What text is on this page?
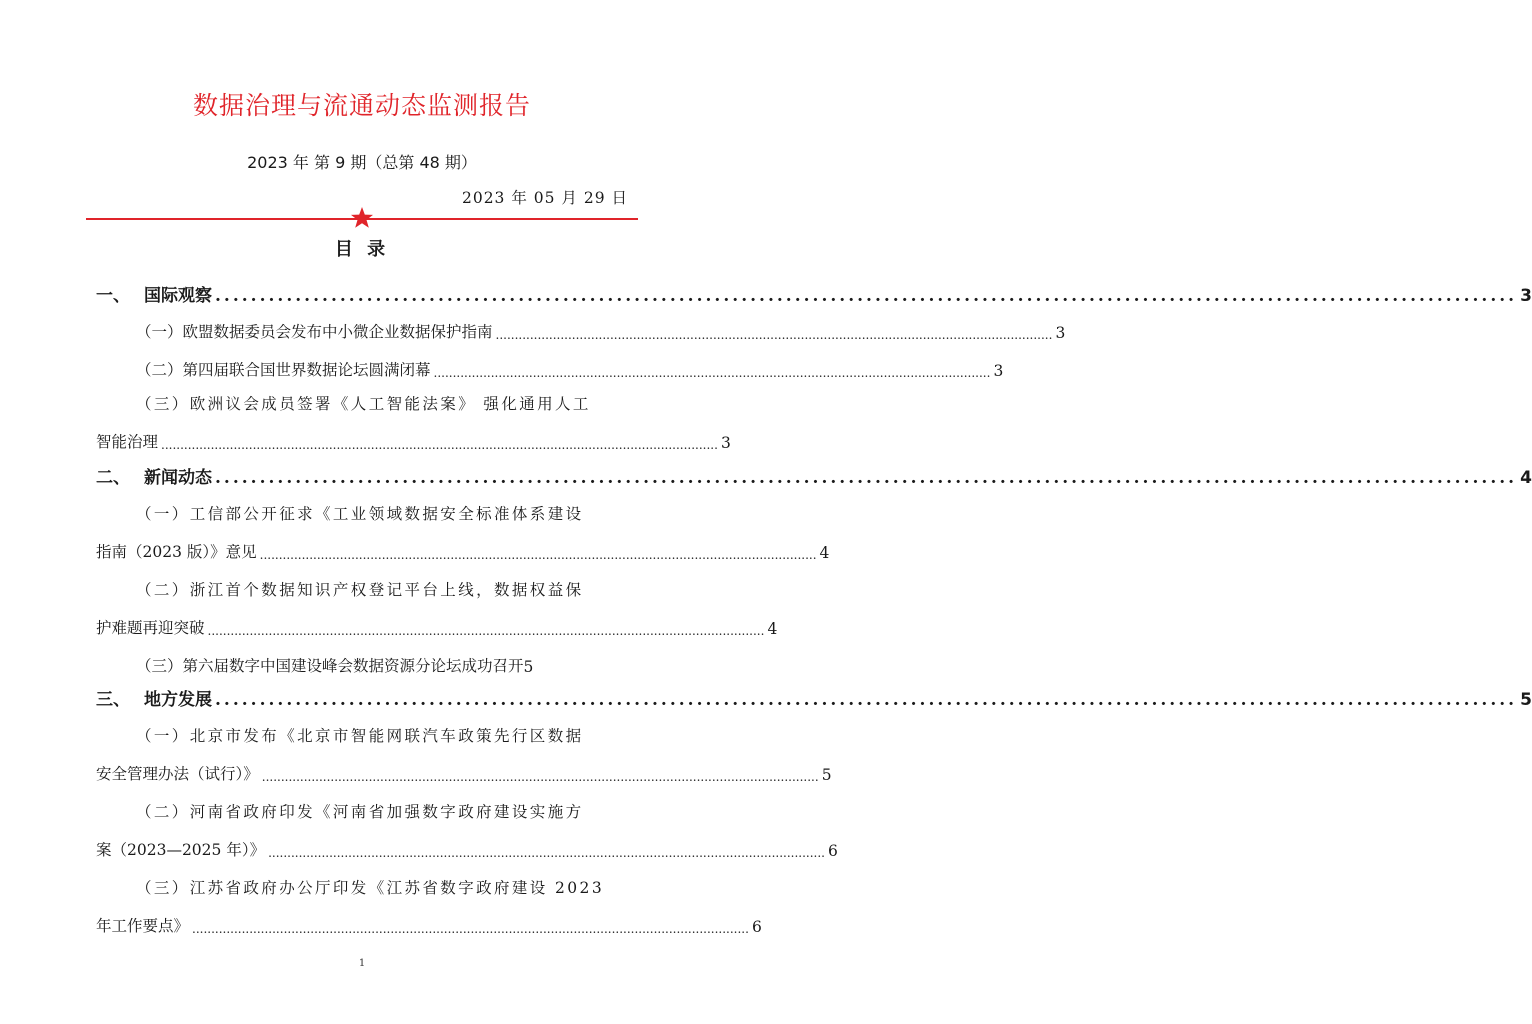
数据治理与流通动态监测报告
2023 年 第 9 期（总第 48 期）
2023 年 05 月 29 日
目 录
一、 国际观察 .................................................................................................................................................. 3
（一）欧盟数据委员会发布中小微企业数据保护指南 .................................................................................................................................................. 3
（二）第四届联合国世界数据论坛圆满闭幕 .................................................................................................................................................. 3
（三）欧洲议会成员签署《人工智能法案》 强化通用人工
智能治理 .................................................................................................................................................. 3
二、 新闻动态 .................................................................................................................................................. 4
（一）工信部公开征求《工业领域数据安全标准体系建设
指南（2023 版）》意见 .................................................................................................................................................. 4
（二）浙江首个数据知识产权登记平台上线，数据权益保
护难题再迎突破 .................................................................................................................................................. 4
（三）第六届数字中国建设峰会数据资源分论坛成功召开 5
三、 地方发展 .................................................................................................................................................. 5
（一）北京市发布《北京市智能网联汽车政策先行区数据
安全管理办法（试行）》 .................................................................................................................................................. 5
（二）河南省政府印发《河南省加强数字政府建设实施方
案（2023—2025 年）》 .................................................................................................................................................. 6
（三）江苏省政府办公厅印发《江苏省数字政府建设 2023
年工作要点》 .................................................................................................................................................. 6
1
